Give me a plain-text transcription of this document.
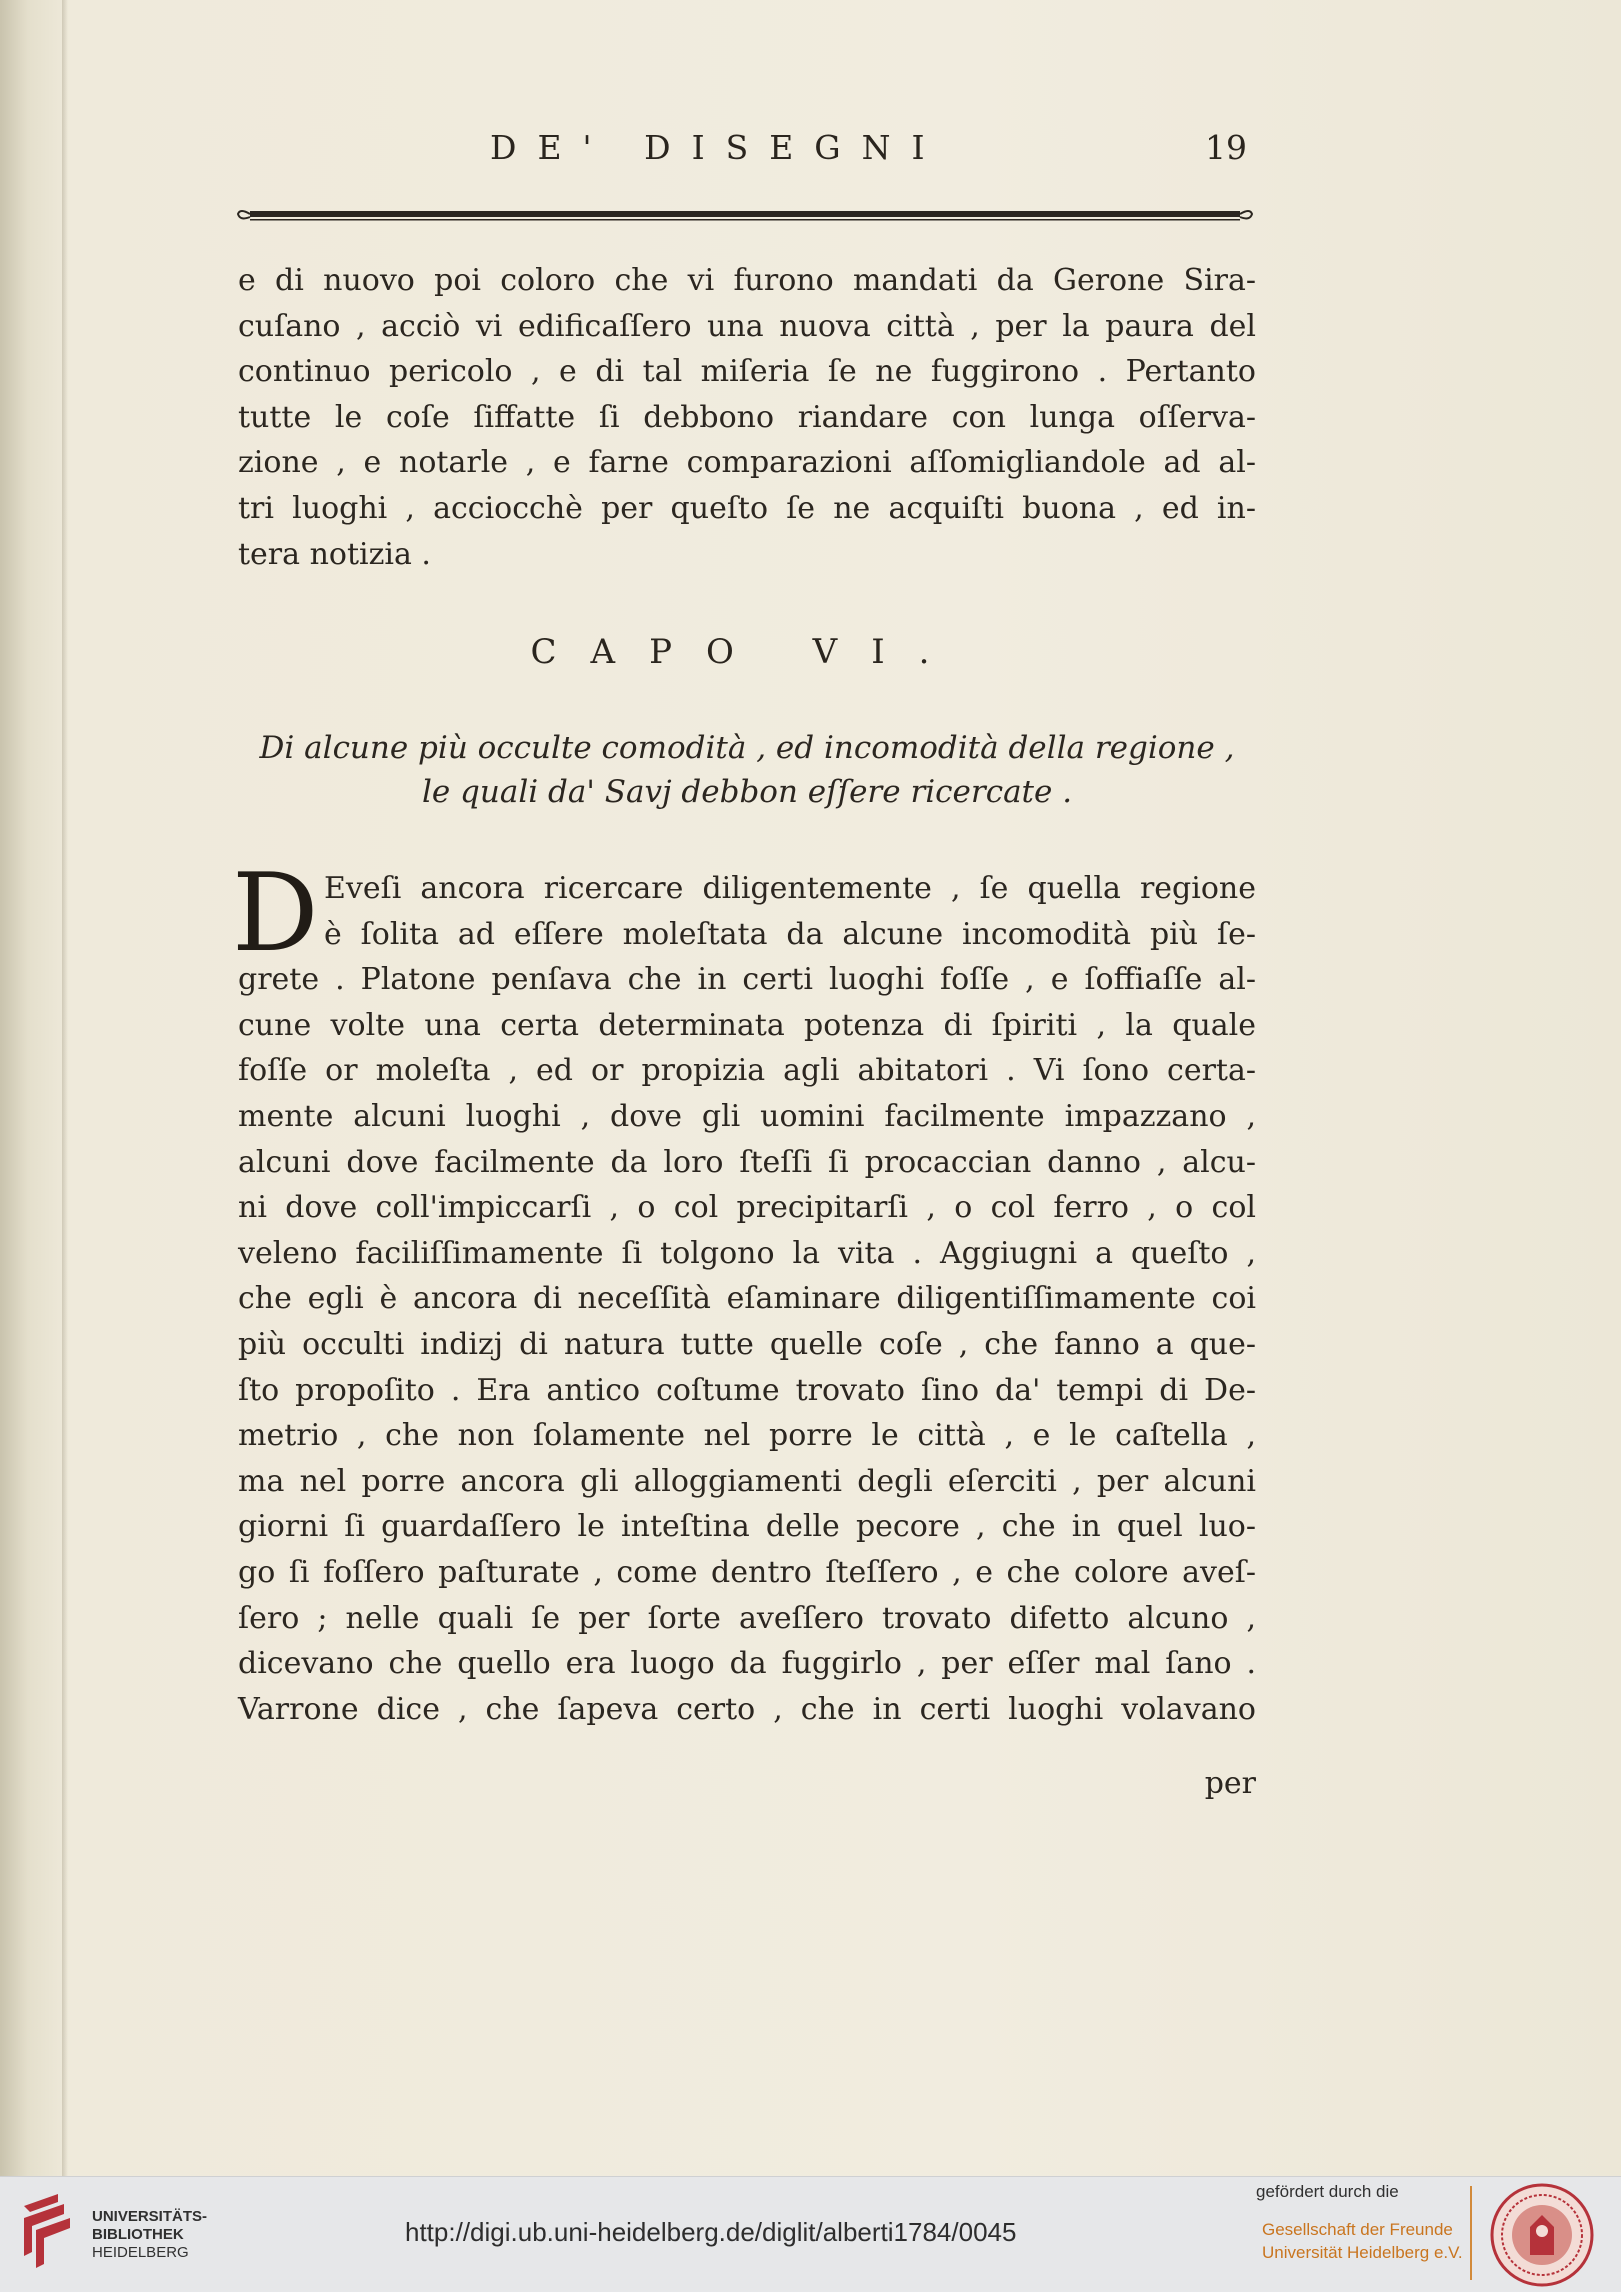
DE' DISEGNI	19
e di nuovo poi coloro che vi furono mandati da Gerone Sira-
cuſano , acciò vi edificaſſero una nuova città , per la paura del
continuo pericolo , e di tal miſeria ſe ne fuggirono . Pertanto
tutte le coſe ſiffatte ſi debbono riandare con lunga oſſerva-
zione , e notarle , e farne comparazioni aſſomigliandole ad al-
tri luoghi , acciocchè per queſto ſe ne acquiſti buona , ed in-
tera notizia .
CAPO VI.
Di alcune più occulte comodità , ed incomodità della regione ,
le quali da' Savj debbon eſſere ricercate .
D Eveſi ancora ricercare diligentemente , ſe quella regione
è ſolita ad eſſere moleſtata da alcune incomodità più ſe-
grete . Platone penſava che in certi luoghi foſſe , e ſoffiaſſe al-
cune volte una certa determinata potenza di ſpiriti , la quale
foſſe or moleſta , ed or propizia agli abitatori . Vi ſono certa-
mente alcuni luoghi , dove gli uomini facilmente impazzano ,
alcuni dove facilmente da loro ſteſſi ſi procaccian danno , alcu-
ni dove coll'impiccarſi , o col precipitarſi , o col ferro , o col
veleno faciliſſimamente ſi tolgono la vita . Aggiugni a queſto ,
che egli è ancora di neceſſità eſaminare diligentiſſimamente coi
più occulti indizj di natura tutte quelle coſe , che fanno a que-
ſto propoſito . Era antico coſtume trovato ſino da' tempi di De-
metrio , che non ſolamente nel porre le città , e le caſtella ,
ma nel porre ancora gli alloggiamenti degli eſerciti , per alcuni
giorni ſi guardaſſero le inteſtina delle pecore , che in quel luo-
go ſi foſſero paſturate , come dentro ſteſſero , e che colore aveſ-
ſero ; nelle quali ſe per ſorte aveſſero trovato difetto alcuno ,
dicevano che quello era luogo da fuggirlo , per eſſer mal ſano .
Varrone dice , che ſapeva certo , che in certi luoghi volavano
per
UNIVERSITÄTS-
BIBLIOTHEK
HEIDELBERG
http://digi.ub.uni-heidelberg.de/diglit/alberti1784/0045
gefördert durch die
Gesellschaft der Freunde
Universität Heidelberg e.V.
